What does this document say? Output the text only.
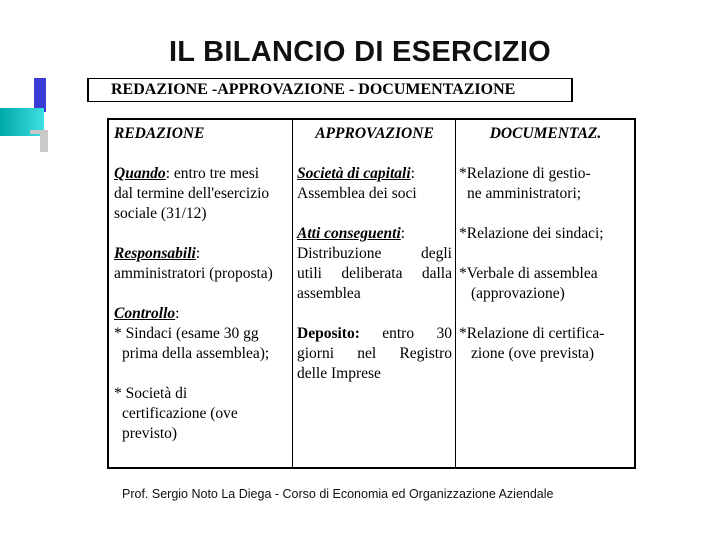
IL BILANCIO DI ESERCIZIO
REDAZIONE -APPROVAZIONE - DOCUMENTAZIONE
REDAZIONE
Quando: entro tre mesi
dal termine dell'esercizio
sociale (31/12)
Responsabili:
amministratori (proposta)
Controllo:
* Sindaci (esame 30 gg
prima della assemblea);
* Società di
certificazione (ove
previsto)
APPROVAZIONE
Società di capitali:
Assemblea dei soci
Atti conseguenti:
Distribuzione degli
utili deliberata dalla
assemblea
Deposito: entro 30
giorni nel Registro
delle Imprese
DOCUMENTAZ.
*Relazione di gestio-
ne amministratori;
*Relazione dei sindaci;
*Verbale di assemblea
(approvazione)
*Relazione di certifica-
zione (ove prevista)
Prof. Sergio Noto La Diega - Corso di Economia ed Organizzazione Aziendale
